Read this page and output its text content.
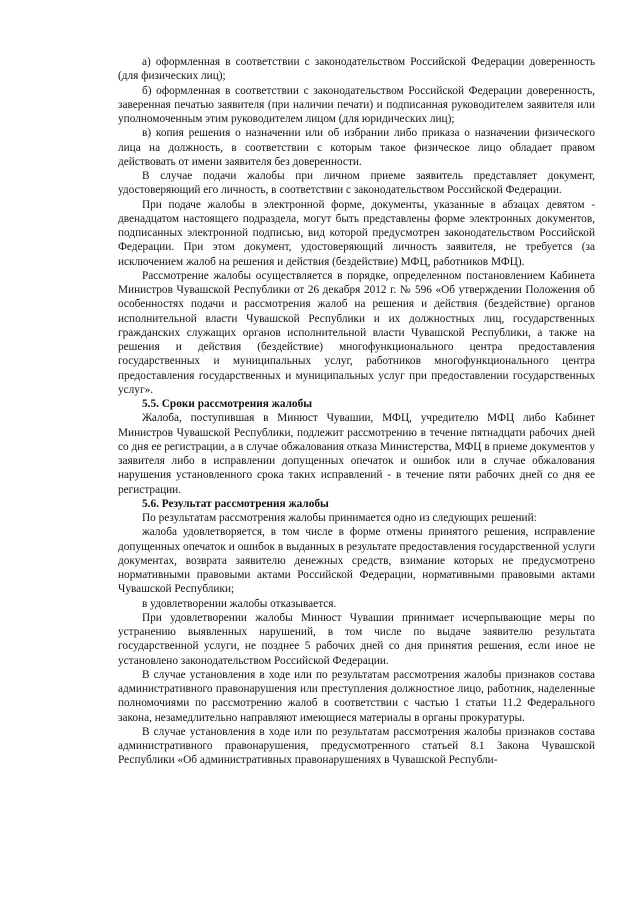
а) оформленная в соответствии с законодательством Российской Федерации доверенность (для физических лиц);

б) оформленная в соответствии с законодательством Российской Федерации доверенность, заверенная печатью заявителя (при наличии печати) и подписанная руководителем заявителя или уполномоченным этим руководителем лицом (для юридических лиц);

в) копия решения о назначении или об избрании либо приказа о назначении физического лица на должность, в соответствии с которым такое физическое лицо обладает правом действовать от имени заявителя без доверенности.

В случае подачи жалобы при личном приеме заявитель представляет документ, удостоверяющий его личность, в соответствии с законодательством Российской Федерации.

При подаче жалобы в электронной форме, документы, указанные в абзацах девятом - двенадцатом настоящего подраздела, могут быть представлены форме электронных документов, подписанных электронной подписью, вид которой предусмотрен законодательством Российской Федерации. При этом документ, удостоверяющий личность заявителя, не требуется (за исключением жалоб на решения и действия (бездействие) МФЦ, работников МФЦ).

Рассмотрение жалобы осуществляется в порядке, определенном постановлением Кабинета Министров Чувашской Республики от 26 декабря 2012 г. № 596 «Об утверждении Положения об особенностях подачи и рассмотрения жалоб на решения и действия (бездействие) органов исполнительной власти Чувашской Республики и их должностных лиц, государственных гражданских служащих органов исполнительной власти Чувашской Республики, а также на решения и действия (бездействие) многофункционального центра предоставления государственных и муниципальных услуг, работников многофункционального центра предоставления государственных и муниципальных услуг при предоставлении государственных услуг».

5.5. Сроки рассмотрения жалобы

Жалоба, поступившая в Минюст Чувашии, МФЦ, учредителю МФЦ либо Кабинет Министров Чувашской Республики, подлежит рассмотрению в течение пятнадцати рабочих дней со дня ее регистрации, а в случае обжалования отказа Министерства, МФЦ в приеме документов у заявителя либо в исправлении допущенных опечаток и ошибок или в случае обжалования нарушения установленного срока таких исправлений - в течение пяти рабочих дней со дня ее регистрации.

5.6. Результат рассмотрения жалобы

По результатам рассмотрения жалобы принимается одно из следующих решений:

жалоба удовлетворяется, в том числе в форме отмены принятого решения, исправление допущенных опечаток и ошибок в выданных в результате предоставления государственной услуги документах, возврата заявителю денежных средств, взимание которых не предусмотрено нормативными правовыми актами Российской Федерации, нормативными правовыми актами Чувашской Республики;

в удовлетворении жалобы отказывается.

При удовлетворении жалобы Минюст Чувашии принимает исчерпывающие меры по устранению выявленных нарушений, в том числе по выдаче заявителю результата государственной услуги, не позднее 5 рабочих дней со дня принятия решения, если иное не установлено законодательством Российской Федерации.

В случае установления в ходе или по результатам рассмотрения жалобы признаков состава административного правонарушения или преступления должностное лицо, работник, наделенные полномочиями по рассмотрению жалоб в соответствии с частью 1 статьи 11.2 Федерального закона, незамедлительно направляют имеющиеся материалы в органы прокуратуры.

В случае установления в ходе или по результатам рассмотрения жалобы признаков состава административного правонарушения, предусмотренного статьей 8.1 Закона Чувашской Республики «Об административных правонарушениях в Чувашской Республи-
